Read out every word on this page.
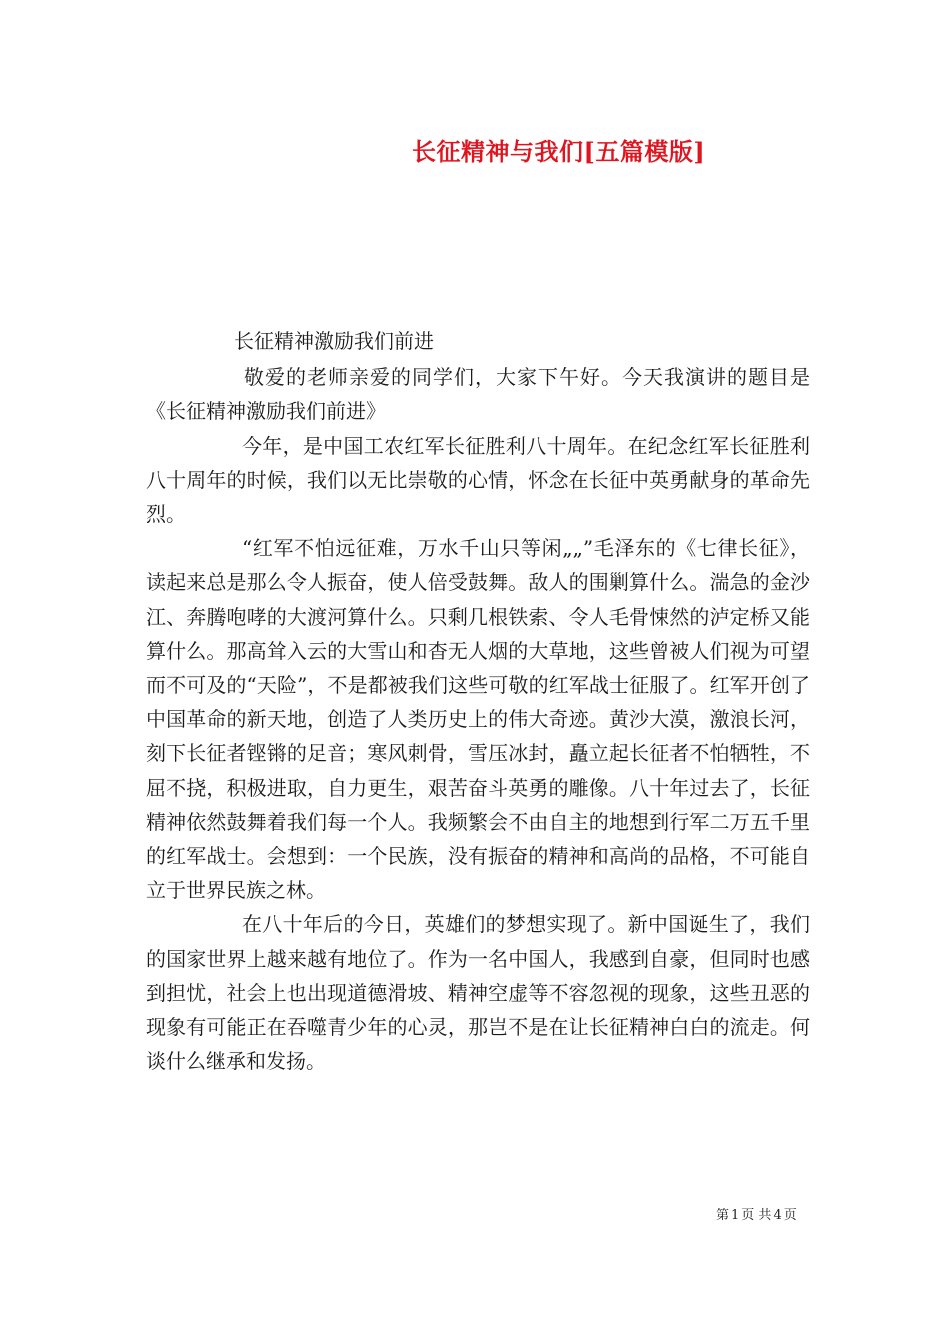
长征精神与我们[五篇模版]

长征精神激励我们前进

敬爱的老师亲爱的同学们，大家下午好。今天我演讲的题目是《长征精神激励我们前进》

今年，是中国工农红军长征胜利八十周年。在纪念红军长征胜利八十周年的时候，我们以无比崇敬的心情，怀念在长征中英勇献身的革命先烈。

“红军不怕远征难，万水千山只等闲„„”毛泽东的《七律长征》，读起来总是那么令人振奋，使人倍受鼓舞。敌人的围剿算什么。湍急的金沙江、奔腾咆哮的大渡河算什么。只剩几根铁索、令人毛骨悚然的泸定桥又能算什么。那高耸入云的大雪山和杳无人烟的大草地，这些曾被人们视为可望而不可及的“天险”，不是都被我们这些可敬的红军战士征服了。红军开创了中国革命的新天地，创造了人类历史上的伟大奇迹。黄沙大漠，激浪长河，刻下长征者铿锵的足音；寒风刺骨，雪压冰封，矗立起长征者不怕牺牲，不屈不挠，积极进取，自力更生，艰苦奋斗英勇的雕像。八十年过去了，长征精神依然鼓舞着我们每一个人。我频繁会不由自主的地想到行军二万五千里的红军战士。会想到：一个民族，没有振奋的精神和高尚的品格，不可能自立于世界民族之林。

在八十年后的今日，英雄们的梦想实现了。新中国诞生了，我们的国家世界上越来越有地位了。作为一名中国人，我感到自豪，但同时也感到担忧，社会上也出现道德滑坡、精神空虚等不容忽视的现象，这些丑恶的现象有可能正在吞噬青少年的心灵，那岂不是在让长征精神白白的流走。何谈什么继承和发扬。

第 1 页 共 4 页
